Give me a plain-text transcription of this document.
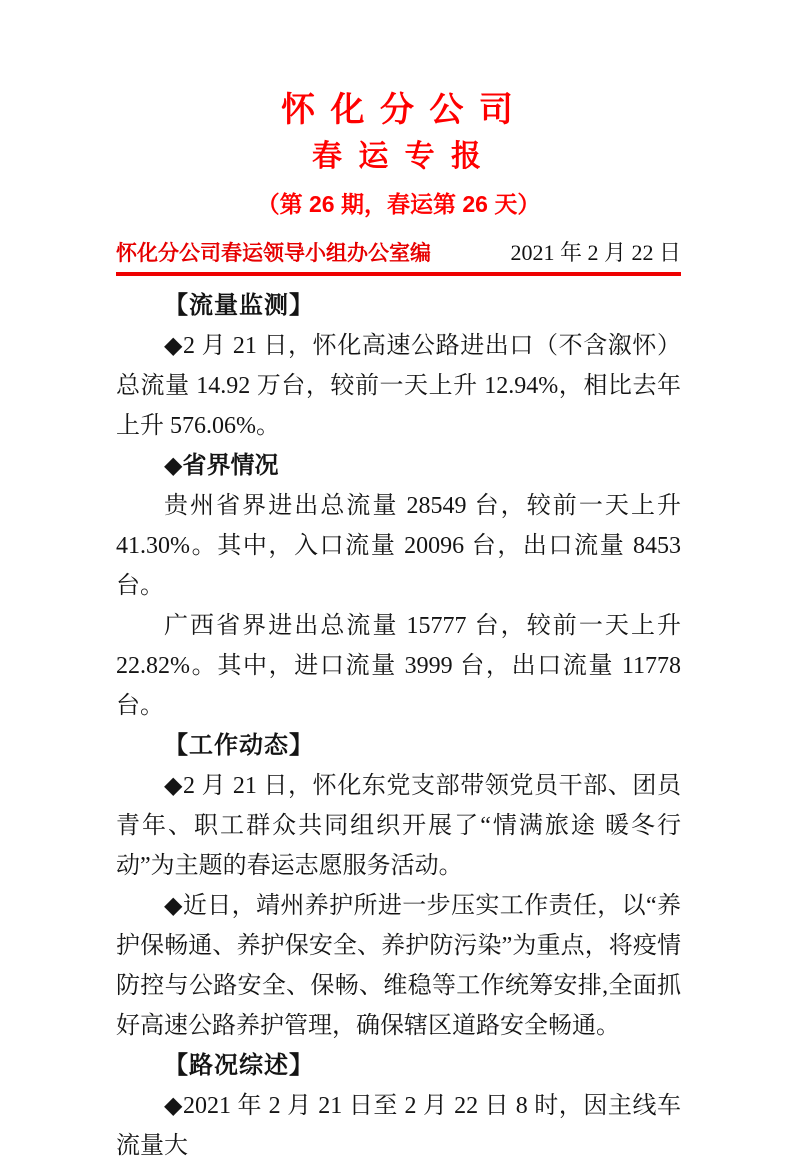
怀 化 分 公 司
春 运 专 报
（第 26 期，春运第 26 天）
怀化分公司春运领导小组办公室编	2021 年 2 月 22 日

【流量监测】

◆2 月 21 日，怀化高速公路进出口（不含溆怀）总流量 14.92 万台，较前一天上升 12.94%，相比去年上升 576.06%。

◆省界情况

贵州省界进出总流量 28549 台，较前一天上升 41.30%。其中，入口流量 20096 台，出口流量 8453 台。

广西省界进出总流量 15777 台，较前一天上升 22.82%。其中，进口流量 3999 台，出口流量 11778 台。

【工作动态】

◆2 月 21 日，怀化东党支部带领党员干部、团员青年、职工群众共同组织开展了“情满旅途 暖冬行动”为主题的春运志愿服务活动。

◆近日，靖州养护所进一步压实工作责任，以“养护保畅通、养护保安全、养护防污染”为重点，将疫情防控与公路安全、保畅、维稳等工作统筹安排,全面抓好高速公路养护管理，确保辖区道路安全畅通。

【路况综述】

◆2021 年 2 月 21 日至 2 月 22 日 8 时，因主线车流量大
